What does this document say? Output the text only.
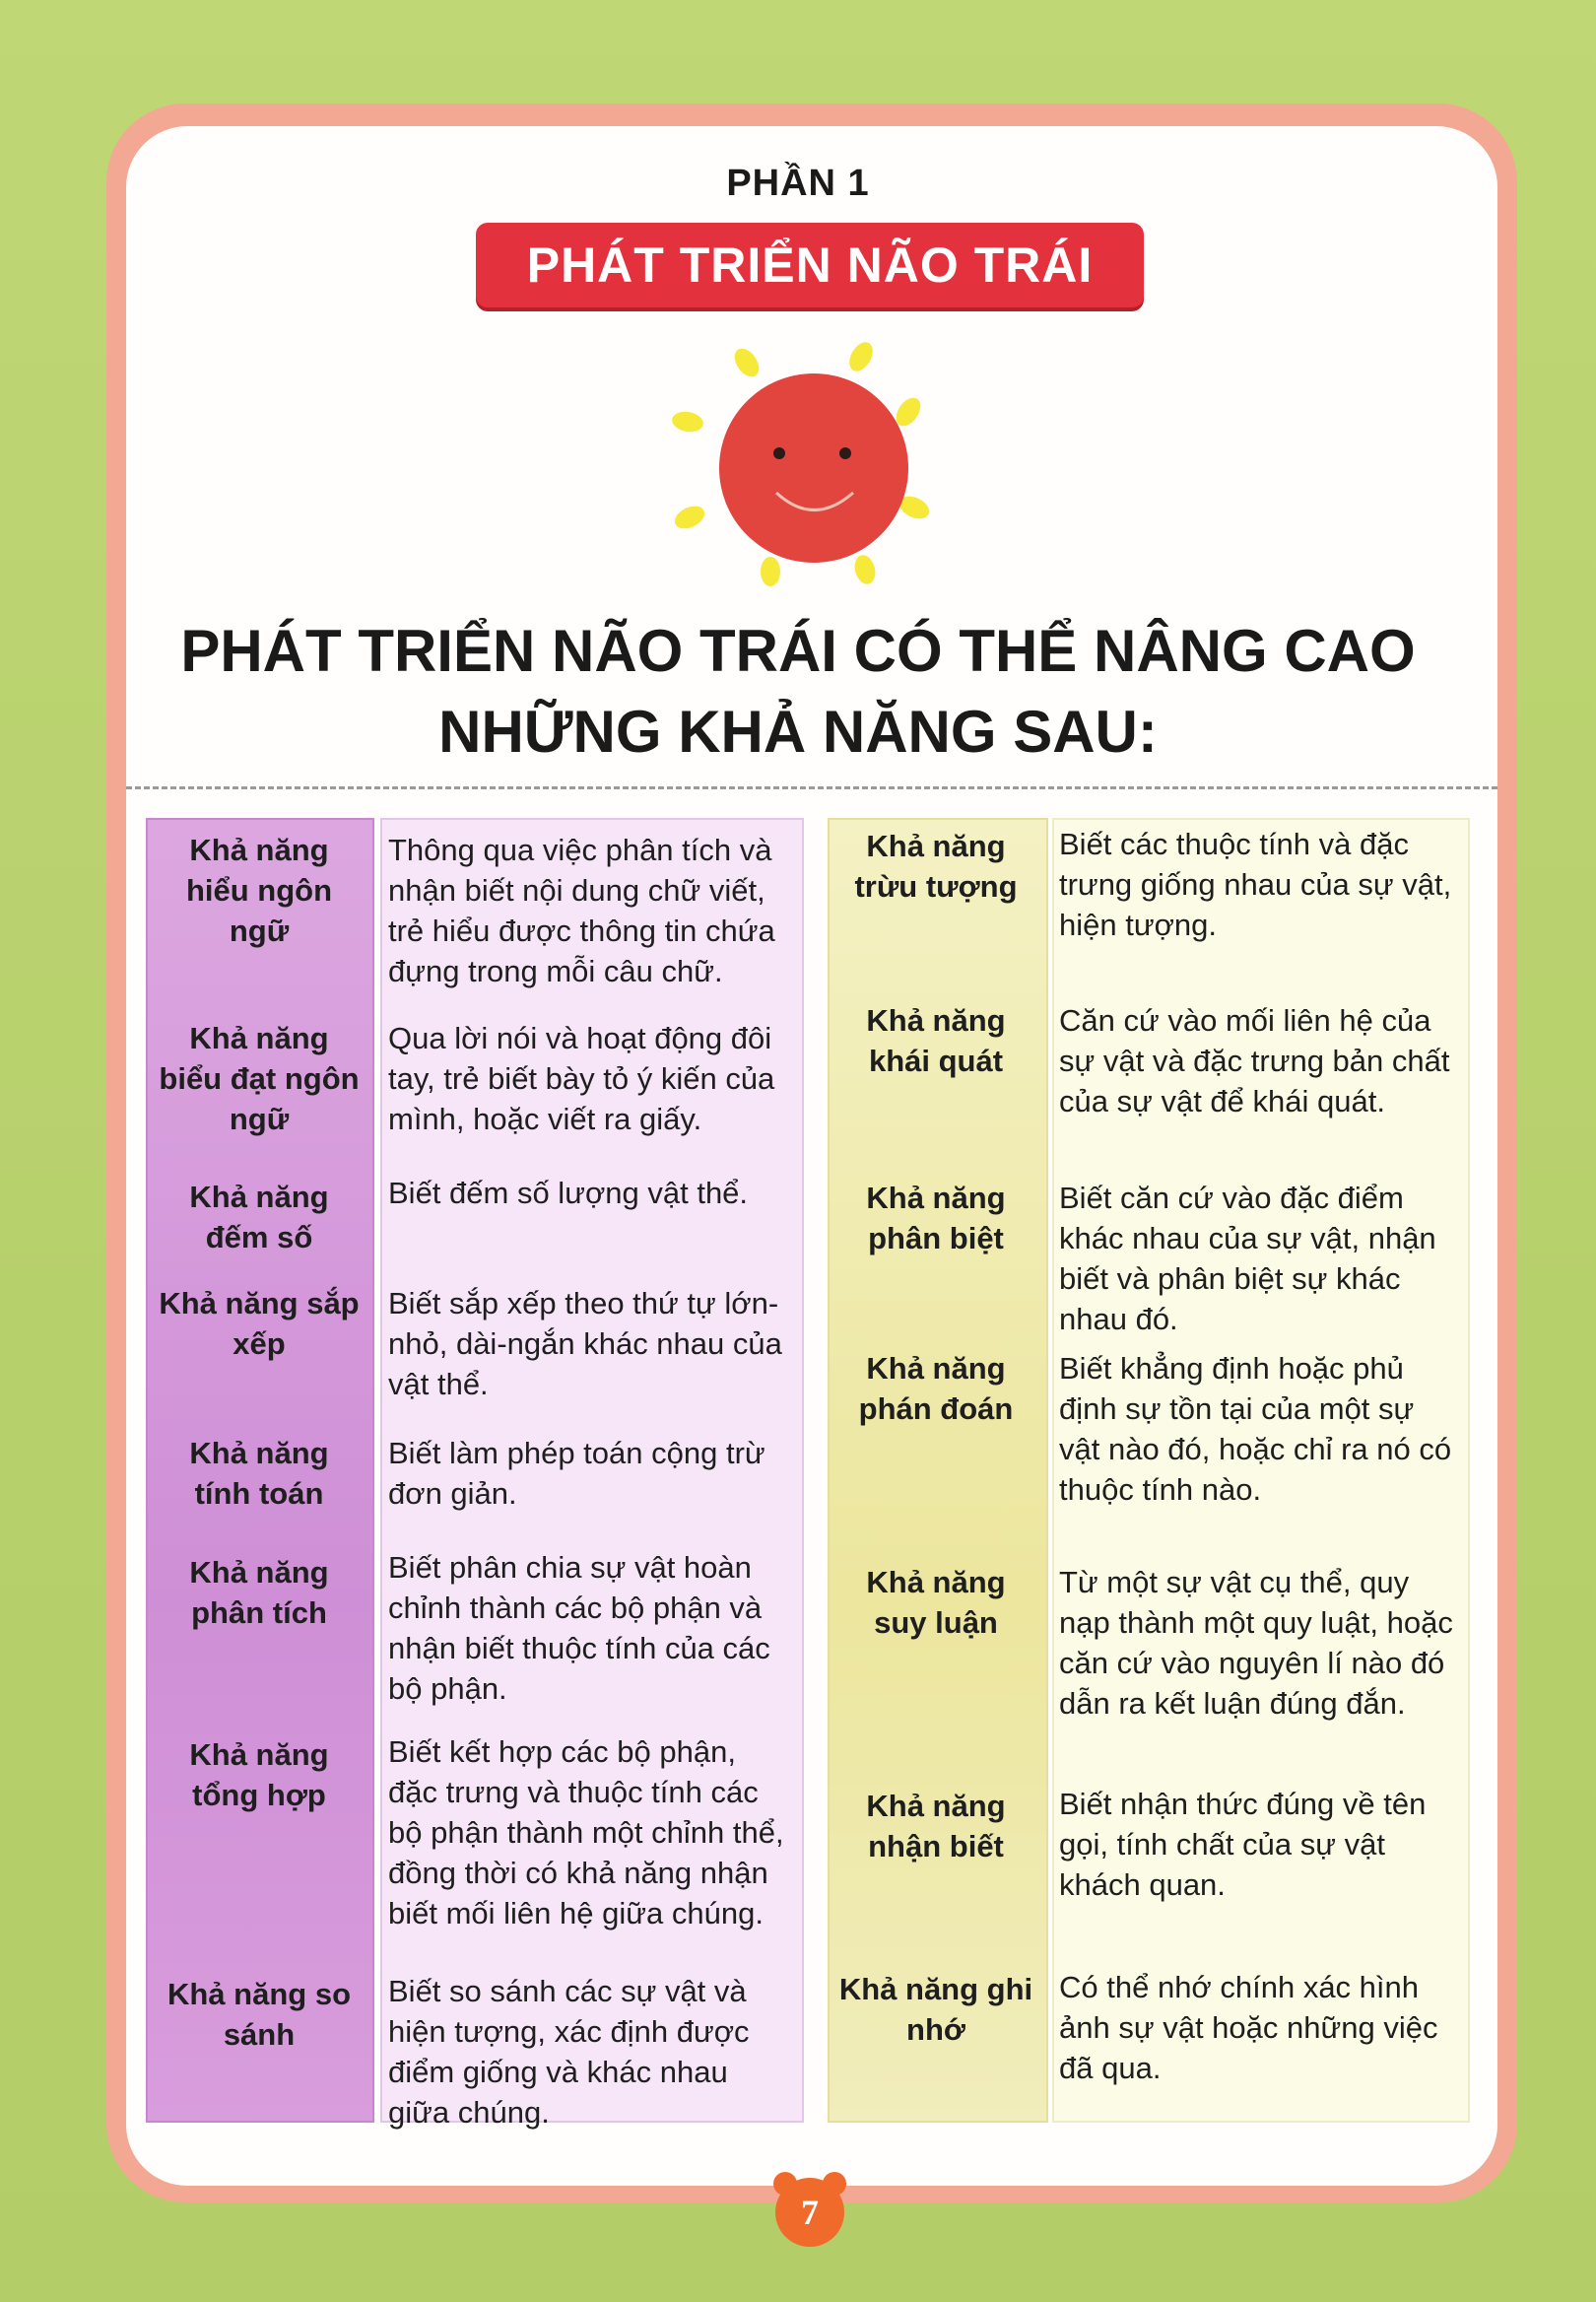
PHẦN 1
PHÁT TRIỂN NÃO TRÁI
PHÁT TRIỂN NÃO TRÁI CÓ THỂ NÂNG CAO
NHỮNG KHẢ NĂNG SAU:
Khả năng hiểu ngôn ngữ
Thông qua việc phân tích và nhận biết nội dung chữ viết, trẻ hiểu được thông tin chứa đựng trong mỗi câu chữ.
Khả năng biểu đạt ngôn ngữ
Qua lời nói và hoạt động đôi tay, trẻ biết bày tỏ ý kiến của mình, hoặc viết ra giấy.
Khả năng đếm số
Biết đếm số lượng vật thể.
Khả năng sắp xếp
Biết sắp xếp theo thứ tự lớn-nhỏ, dài-ngắn khác nhau của vật thể.
Khả năng tính toán
Biết làm phép toán cộng trừ đơn giản.
Khả năng phân tích
Biết phân chia sự vật hoàn chỉnh thành các bộ phận và nhận biết thuộc tính của các bộ phận.
Khả năng tổng hợp
Biết kết hợp các bộ phận, đặc trưng và thuộc tính các bộ phận thành một chỉnh thể, đồng thời có khả năng nhận biết mối liên hệ giữa chúng.
Khả năng so sánh
Biết so sánh các sự vật và hiện tượng, xác định được điểm giống và khác nhau giữa chúng.
Khả năng trừu tượng
Biết các thuộc tính và đặc trưng giống nhau của sự vật, hiện tượng.
Khả năng khái quát
Căn cứ vào mối liên hệ của sự vật và đặc trưng bản chất của sự vật để khái quát.
Khả năng phân biệt
Biết căn cứ vào đặc điểm khác nhau của sự vật, nhận biết và phân biệt sự khác nhau đó.
Khả năng phán đoán
Biết khẳng định hoặc phủ định sự tồn tại của một sự vật nào đó, hoặc chỉ ra nó có thuộc tính nào.
Khả năng suy luận
Từ một sự vật cụ thể, quy nạp thành một quy luật, hoặc căn cứ vào nguyên lí nào đó dẫn ra kết luận đúng đắn.
Khả năng nhận biết
Biết nhận thức đúng về tên gọi, tính chất của sự vật khách quan.
Khả năng ghi nhớ
Có thể nhớ chính xác hình ảnh sự vật hoặc những việc đã qua.
7
